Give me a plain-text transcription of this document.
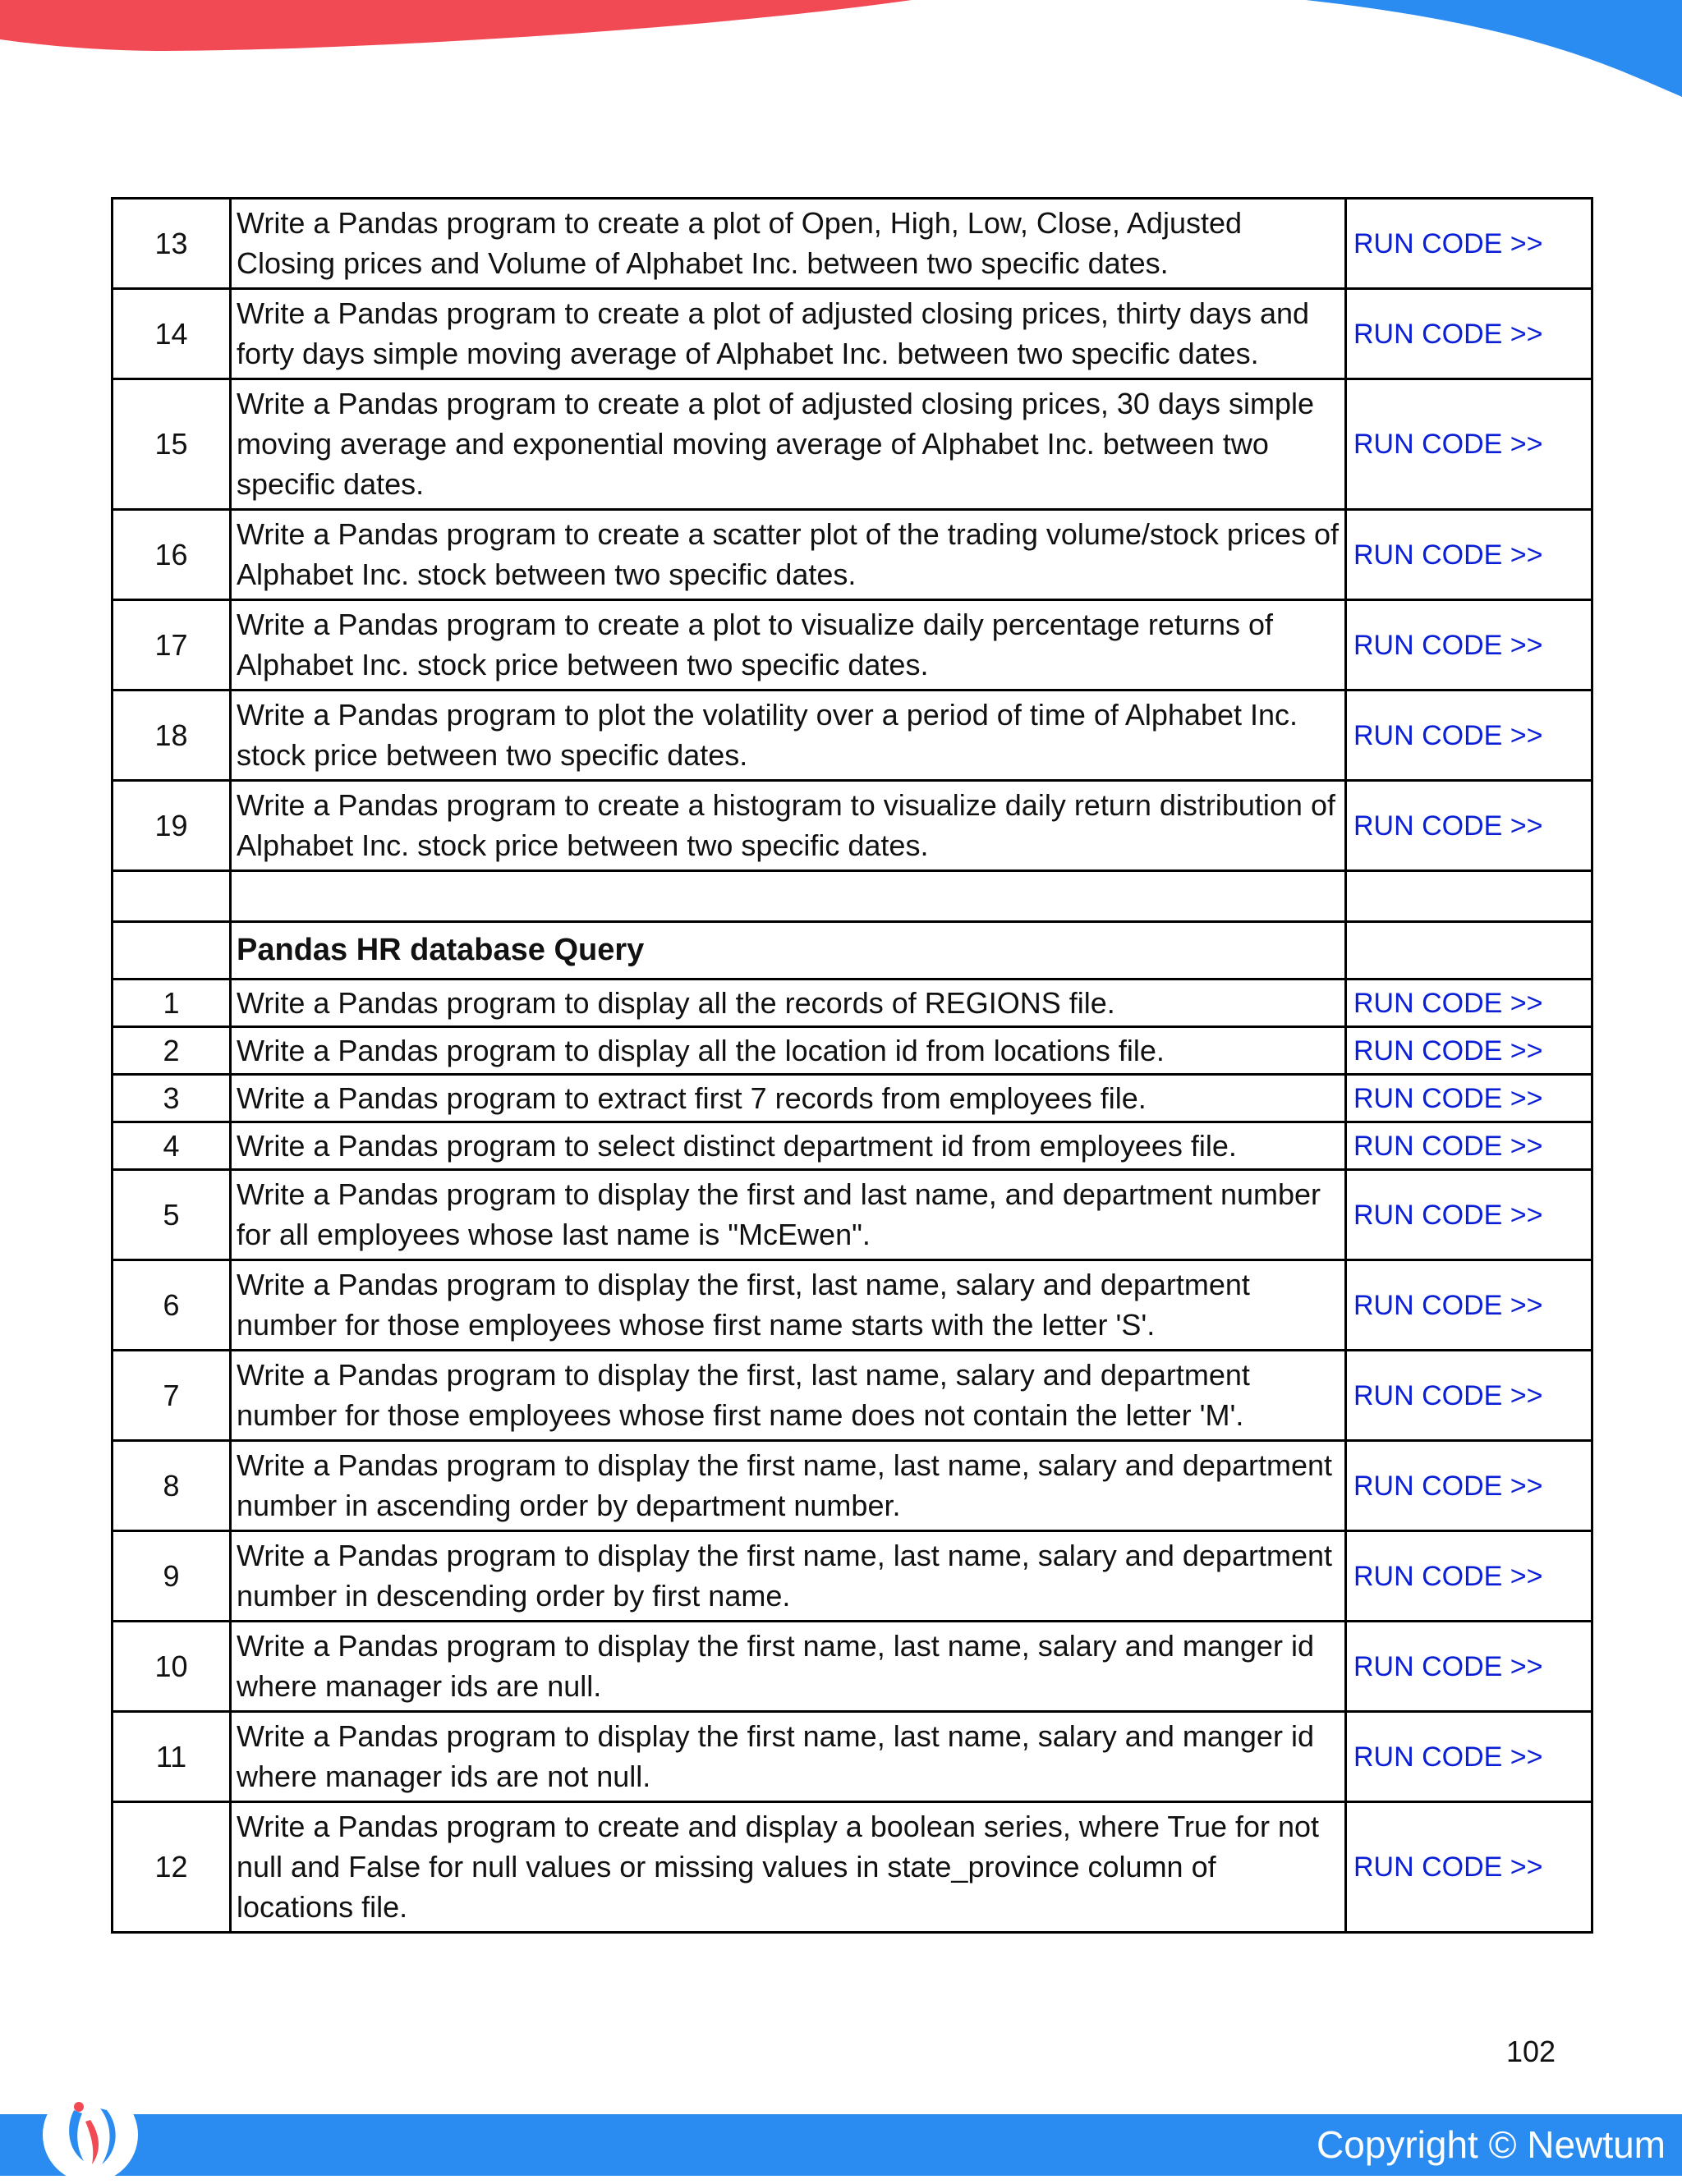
13	Write a Pandas program to create a plot of Open, High, Low, Close, Adjusted Closing prices and Volume of Alphabet Inc. between two specific dates.	RUN CODE >>
14	Write a Pandas program to create a plot of adjusted closing prices, thirty days and forty days simple moving average of Alphabet Inc. between two specific dates.	RUN CODE >>
15	Write a Pandas program to create a plot of adjusted closing prices, 30 days simple moving average and exponential moving average of Alphabet Inc. between two specific dates.	RUN CODE >>
16	Write a Pandas program to create a scatter plot of the trading volume/stock prices of Alphabet Inc. stock between two specific dates.	RUN CODE >>
17	Write a Pandas program to create a plot to visualize daily percentage returns of Alphabet Inc. stock price between two specific dates.	RUN CODE >>
18	Write a Pandas program to plot the volatility over a period of time of Alphabet Inc. stock price between two specific dates.	RUN CODE >>
19	Write a Pandas program to create a histogram to visualize daily return distribution of Alphabet Inc. stock price between two specific dates.	RUN CODE >>

	Pandas HR database Query	
1	Write a Pandas program to display all the records of REGIONS file.	RUN CODE >>
2	Write a Pandas program to display all the location id from locations file.	RUN CODE >>
3	Write a Pandas program to extract first 7 records from employees file.	RUN CODE >>
4	Write a Pandas program to select distinct department id from employees file.	RUN CODE >>
5	Write a Pandas program to display the first and last name, and department number for all employees whose last name is "McEwen".	RUN CODE >>
6	Write a Pandas program to display the first, last name, salary and department number for those employees whose first name starts with the letter 'S'.	RUN CODE >>
7	Write a Pandas program to display the first, last name, salary and department number for those employees whose first name does not contain the letter 'M'.	RUN CODE >>
8	Write a Pandas program to display the first name, last name, salary and department number in ascending order by department number.	RUN CODE >>
9	Write a Pandas program to display the first name, last name, salary and department number in descending order by first name.	RUN CODE >>
10	Write a Pandas program to display the first name, last name, salary and manger id where manager ids are null.	RUN CODE >>
11	Write a Pandas program to display the first name, last name, salary and manger id where manager ids are not null.	RUN CODE >>
12	Write a Pandas program to create and display a boolean series, where True for not null and False for null values or missing values in state_province column of locations file.	RUN CODE >>
102
Copyright © Newtum
